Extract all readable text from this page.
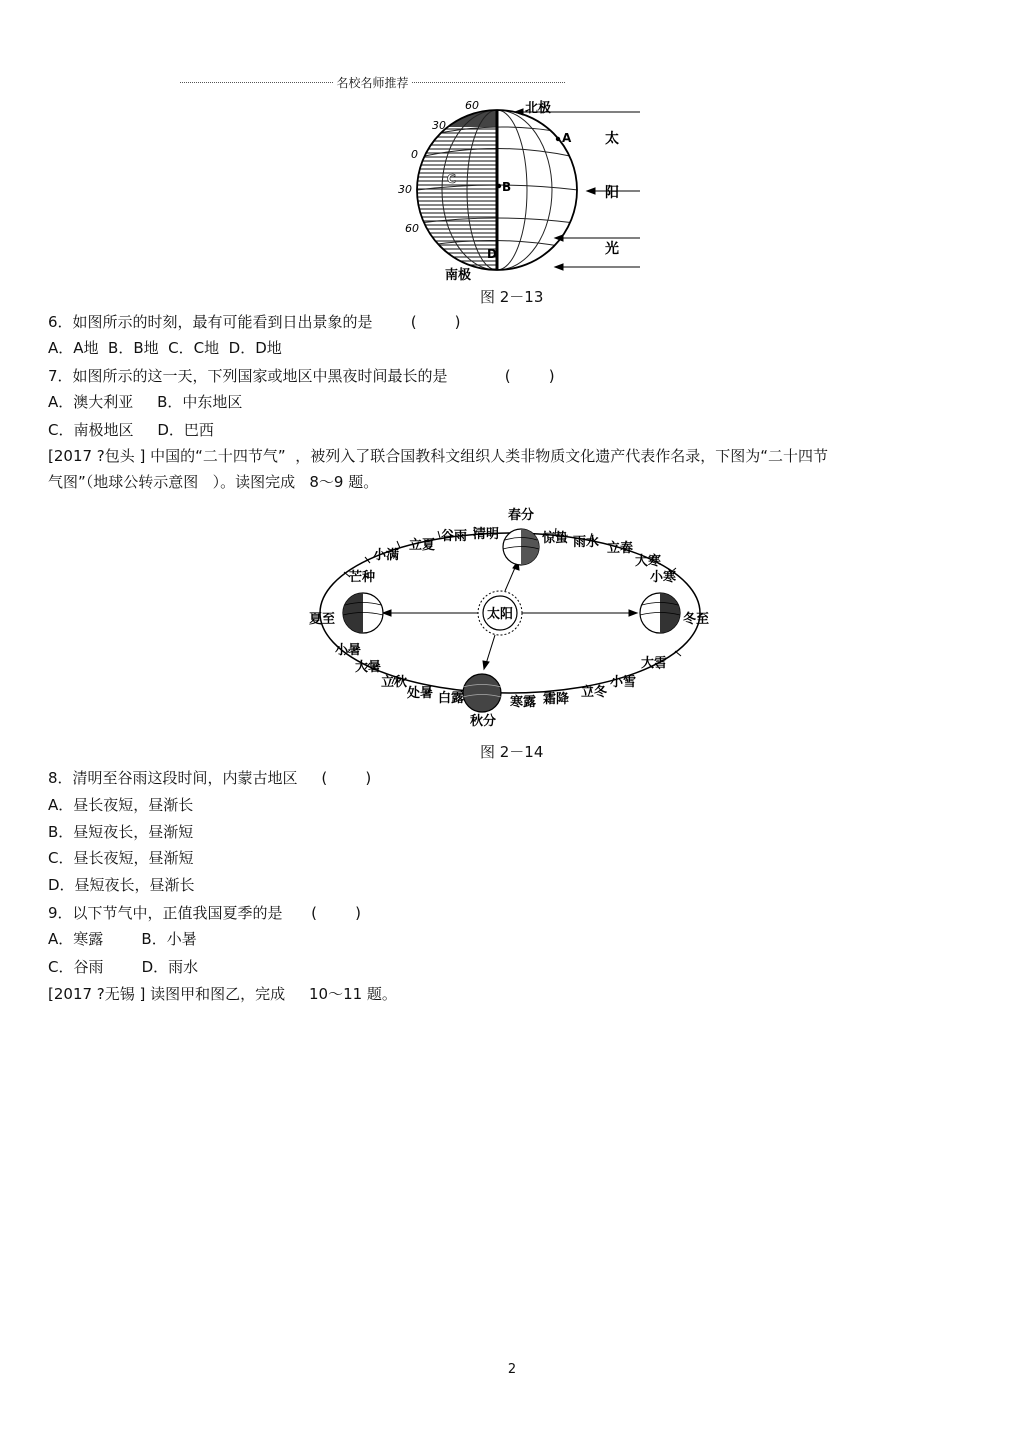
名校名师推荐
北极
南极
60
30
0
30
60
A
B
C
D
太
阳
光
图 2－13
6．如图所示的时刻，最有可能看到日出景象的是        (        )
A．A地  B．B地  C．C地  D．D地
7．如图所示的这一天，下列国家或地区中黑夜时间最长的是            (        )
A．澳大利亚     B．中东地区
C．南极地区     D．巴西
[2017 ?包头 ] 中国的“二十四节气”  ，被列入了联合国教科文组织人类非物质文化遗产代表作名录，下图为“二十四节
气图”（地球公转示意图   ）。读图完成   8～9 题。
太阳
春分
清明
谷雨
立夏
小满
芒种
夏至
小暑
大暑
立秋
处暑 白露
秋分
寒露 霜降 立冬
小雪
大雪
冬至
小寒
大寒
立春
雨水
惊蛰
图 2－14
8．清明至谷雨这段时间，内蒙古地区     (        )
A．昼长夜短，昼渐长
B．昼短夜长，昼渐短
C．昼长夜短，昼渐短
D．昼短夜长，昼渐长
9．以下节气中，正值我国夏季的是      (        )
A．寒露        B．小暑
C．谷雨        D．雨水
[2017 ?无锡 ] 读图甲和图乙，完成     10～11 题。
2
